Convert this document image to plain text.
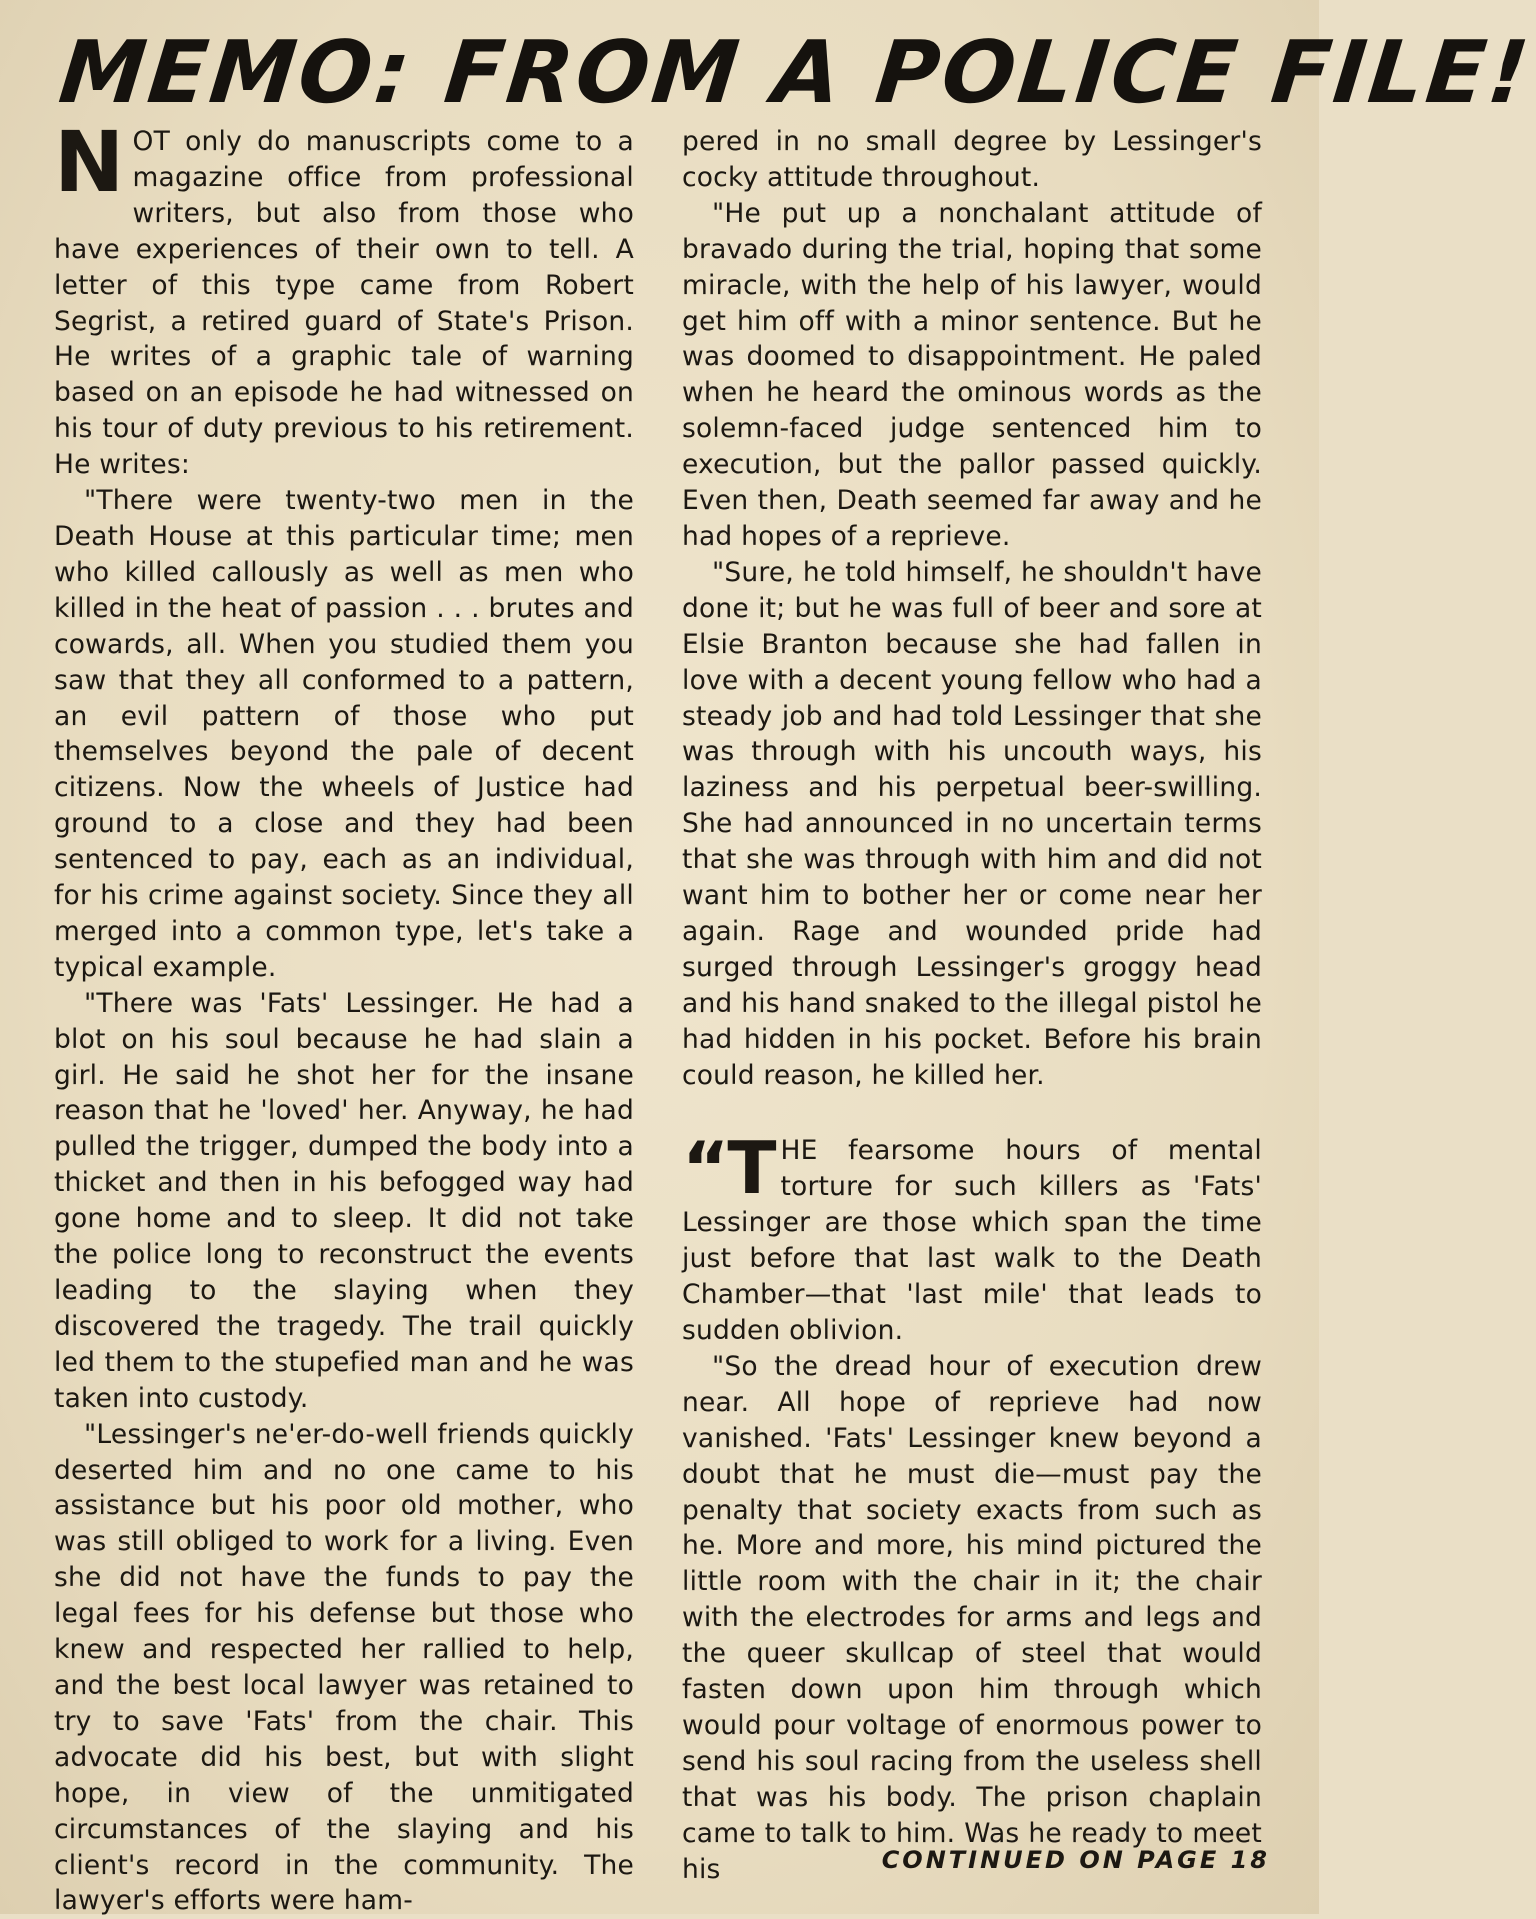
MEMO: FROM A POLICE FILE!

NOT only do manuscripts come to a magazine office from professional writers, but also from those who have experiences of their own to tell. A letter of this type came from Robert Segrist, a retired guard of State's Prison. He writes of a graphic tale of warning based on an episode he had witnessed on his tour of duty previous to his retirement. He writes:

"There were twenty-two men in the Death House at this particular time; men who killed callously as well as men who killed in the heat of passion . . . brutes and cowards, all. When you studied them you saw that they all conformed to a pattern, an evil pattern of those who put themselves beyond the pale of decent citizens. Now the wheels of Justice had ground to a close and they had been sentenced to pay, each as an individual, for his crime against society. Since they all merged into a common type, let's take a typical example.

"There was 'Fats' Lessinger. He had a blot on his soul because he had slain a girl. He said he shot her for the insane reason that he 'loved' her. Anyway, he had pulled the trigger, dumped the body into a thicket and then in his befogged way had gone home and to sleep. It did not take the police long to reconstruct the events leading to the slaying when they discovered the tragedy. The trail quickly led them to the stupefied man and he was taken into custody.

"Lessinger's ne'er-do-well friends quickly deserted him and no one came to his assistance but his poor old mother, who was still obliged to work for a living. Even she did not have the funds to pay the legal fees for his defense but those who knew and respected her rallied to help, and the best local lawyer was retained to try to save 'Fats' from the chair. This advocate did his best, but with slight hope, in view of the unmitigated circumstances of the slaying and his client's record in the community. The lawyer's efforts were ham-

pered in no small degree by Lessinger's cocky attitude throughout.

"He put up a nonchalant attitude of bravado during the trial, hoping that some miracle, with the help of his lawyer, would get him off with a minor sentence. But he was doomed to disappointment. He paled when he heard the ominous words as the solemn-faced judge sentenced him to execution, but the pallor passed quickly. Even then, Death seemed far away and he had hopes of a reprieve.

"Sure, he told himself, he shouldn't have done it; but he was full of beer and sore at Elsie Branton because she had fallen in love with a decent young fellow who had a steady job and had told Lessinger that she was through with his uncouth ways, his laziness and his perpetual beer-swilling. She had announced in no uncertain terms that she was through with him and did not want him to bother her or come near her again. Rage and wounded pride had surged through Lessinger's groggy head and his hand snaked to the illegal pistol he had hidden in his pocket. Before his brain could reason, he killed her.

“THE fearsome hours of mental torture for such killers as 'Fats' Lessinger are those which span the time just before that last walk to the Death Chamber—that 'last mile' that leads to sudden oblivion.

"So the dread hour of execution drew near. All hope of reprieve had now vanished. 'Fats' Lessinger knew beyond a doubt that he must die—must pay the penalty that society exacts from such as he. More and more, his mind pictured the little room with the chair in it; the chair with the electrodes for arms and legs and the queer skullcap of steel that would fasten down upon him through which would pour voltage of enormous power to send his soul racing from the useless shell that was his body. The prison chaplain came to talk to him. Was he ready to meet his	CONTINUED ON PAGE 18
